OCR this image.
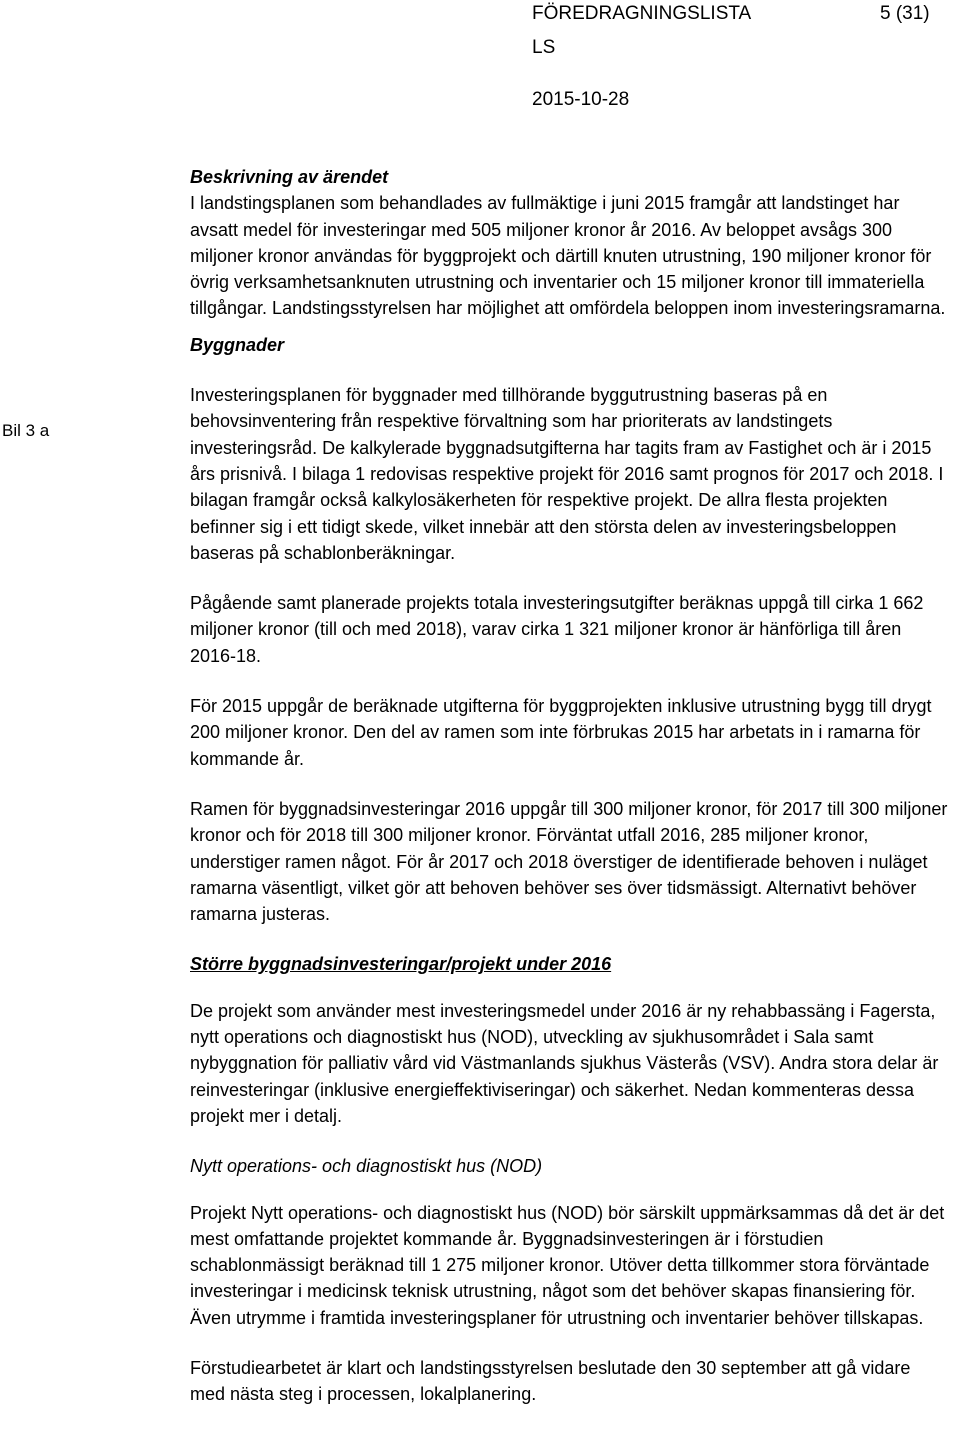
FÖREDRAGNINGSLISTA	5 (31)
LS
2015-10-28
Bil 3 a

Beskrivning av ärendet

I landstingsplanen som behandlades av fullmäktige i juni 2015 framgår att landstinget har avsatt medel för investeringar med 505 miljoner kronor år 2016. Av beloppet avsågs 300 miljoner kronor användas för byggprojekt och därtill knuten utrustning, 190 miljoner kronor för övrig verksamhetsanknuten utrustning och inventarier och 15 miljoner kronor till immateriella tillgångar. Landstingsstyrelsen har möjlighet att omfördela beloppen inom investeringsramarna.

Byggnader

Investeringsplanen för byggnader med tillhörande byggutrustning baseras på en behovsinventering från respektive förvaltning som har prioriterats av landstingets investeringsråd. De kalkylerade byggnadsutgifterna har tagits fram av Fastighet och är i 2015 års prisnivå. I bilaga 1 redovisas respektive projekt för 2016 samt prognos för 2017 och 2018. I bilagan framgår också kalkylosäkerheten för respektive projekt. De allra flesta projekten befinner sig i ett tidigt skede, vilket innebär att den största delen av investeringsbeloppen baseras på schablonberäkningar.

Pågående samt planerade projekts totala investeringsutgifter beräknas uppgå till cirka 1 662 miljoner kronor (till och med 2018), varav cirka 1 321 miljoner kronor är hänförliga till åren 2016-18.

För 2015 uppgår de beräknade utgifterna för byggprojekten inklusive utrustning bygg till drygt 200 miljoner kronor. Den del av ramen som inte förbrukas 2015 har arbetats in i ramarna för kommande år.

Ramen för byggnadsinvesteringar 2016 uppgår till 300 miljoner kronor, för 2017 till 300 miljoner kronor och för 2018 till 300 miljoner kronor. Förväntat utfall 2016, 285 miljoner kronor, understiger ramen något. För år 2017 och 2018 överstiger de identifierade behoven i nuläget ramarna väsentligt, vilket gör att behoven behöver ses över tidsmässigt. Alternativt behöver ramarna justeras.

Större byggnadsinvesteringar/projekt under 2016

De projekt som använder mest investeringsmedel under 2016 är ny rehabbassäng i Fagersta, nytt operations och diagnostiskt hus (NOD), utveckling av sjukhusområdet i Sala samt nybyggnation för palliativ vård vid Västmanlands sjukhus Västerås (VSV). Andra stora delar är reinvesteringar (inklusive energieffektiviseringar) och säkerhet. Nedan kommenteras dessa projekt mer i detalj.

Nytt operations- och diagnostiskt hus (NOD)

Projekt Nytt operations- och diagnostiskt hus (NOD) bör särskilt uppmärksammas då det är det mest omfattande projektet kommande år. Byggnadsinvesteringen är i förstudien schablonmässigt beräknad till 1 275 miljoner kronor. Utöver detta tillkommer stora förväntade investeringar i medicinsk teknisk utrustning, något som det behöver skapas finansiering för. Även utrymme i framtida investeringsplaner för utrustning och inventarier behöver tillskapas.

Förstudiearbetet är klart och landstingsstyrelsen beslutade den 30 september att gå vidare med nästa steg i processen, lokalplanering.
